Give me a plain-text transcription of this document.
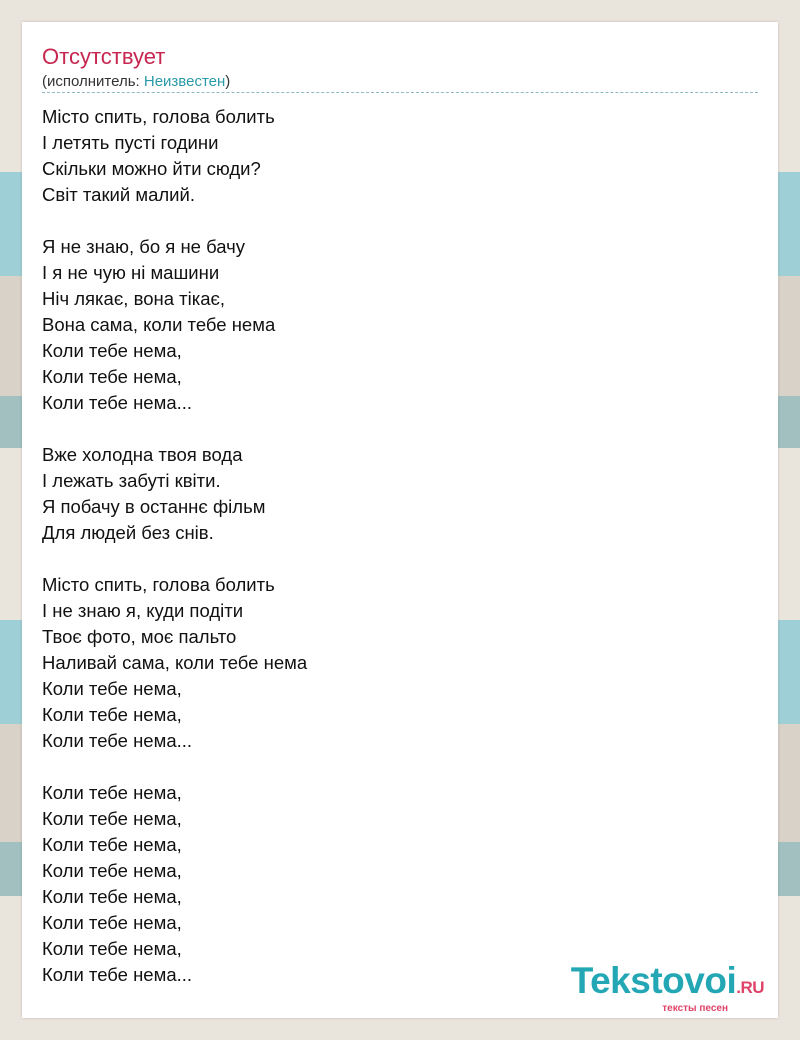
Отсутствует
(исполнитель: Неизвестен)
Місто спить, голова болить
І летять пусті години
Скільки можно йти сюди?
Світ такий малий.
Я не знаю, бо я не бачу
І я не чую ні машини
Ніч лякає, вона тікає,
Вона сама, коли тебе нема
Коли тебе нема,
Коли тебе нема,
Коли тебе нема...
Вже холодна твоя вода
І лежать забуті квіти.
Я побачу в останнє фільм
Для людей без снів.
Місто спить, голова болить
І не знаю я, куди подіти
Твоє фото, моє пальто
Наливай сама, коли тебе нема
Коли тебе нема,
Коли тебе нема,
Коли тебе нема...
Коли тебе нема,
Коли тебе нема,
Коли тебе нема,
Коли тебе нема,
Коли тебе нема,
Коли тебе нема,
Коли тебе нема,
Коли тебе нема...	Tekstovoi.RU
тексты песен
